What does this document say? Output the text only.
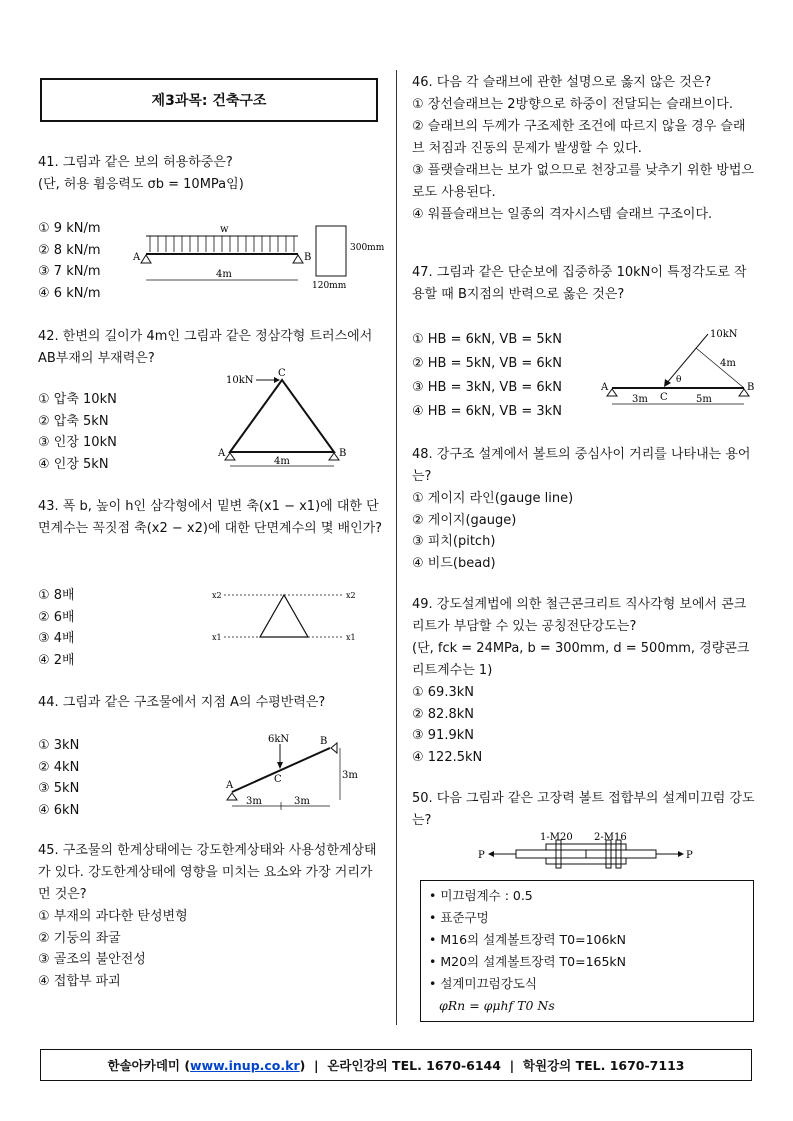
제3과목: 건축구조
41. 그림과 같은 보의 허용하중은?
(단, 허용 휨응력도 σb = 10MPa임)
① 9 kN/m
② 8 kN/m
③ 7 kN/m
④ 6 kN/m
w
A	B
4m
300mm
120mm
42. 한변의 길이가 4m인 그림과 같은 정삼각형 트러스에서 AB부재의 부재력은?
① 압축 10kN
② 압축 5kN
③ 인장 10kN
④ 인장 5kN
10kN
C
A	B
4m
43. 폭 b, 높이 h인 삼각형에서 밑변 축(x1 − x1)에 대한 단면계수는 꼭짓점 축(x2 − x2)에 대한 단면계수의 몇 배인가?
① 8배
② 6배
③ 4배
④ 2배
x2	x2
x1	x1
44. 그림과 같은 구조물에서 지점 A의 수평반력은?
① 3kN
② 4kN
③ 5kN
④ 6kN
6kN
C
A
B
3m
3m	3m
45. 구조물의 한계상태에는 강도한계상태와 사용성한계상태가 있다. 강도한계상태에 영향을 미치는 요소와 가장 거리가 먼 것은?
① 부재의 과다한 탄성변형
② 기둥의 좌굴
③ 골조의 불안전성
④ 접합부 파괴
46. 다음 각 슬래브에 관한 설명으로 옳지 않은 것은?
① 장선슬래브는 2방향으로 하중이 전달되는 슬래브이다.
② 슬래브의 두께가 구조제한 조건에 따르지 않을 경우 슬래브 처짐과 진동의 문제가 발생할 수 있다.
③ 플랫슬래브는 보가 없으므로 천장고를 낮추기 위한 방법으로도 사용된다.
④ 워플슬래브는 일종의 격자시스템 슬래브 구조이다.
47. 그림과 같은 단순보에 집중하중 10kN이 특정각도로 작용할 때 B지점의 반력으로 옳은 것은?
① HB = 6kN, VB = 5kN
② HB = 5kN, VB = 6kN
③ HB = 3kN, VB = 6kN
④ HB = 6kN, VB = 3kN
10kN
4m
θ
A	B
C
3m	5m
48. 강구조 설계에서 볼트의 중심사이 거리를 나타내는 용어는?
① 게이지 라인(gauge line)
② 게이지(gauge)
③ 피치(pitch)
④ 비드(bead)
49. 강도설계법에 의한 철근콘크리트 직사각형 보에서 콘크리트가 부담할 수 있는 공칭전단강도는?
(단, fck = 24MPa, b = 300mm, d = 500mm, 경량콘크리트계수는 1)
① 69.3kN
② 82.8kN
③ 91.9kN
④ 122.5kN
50. 다음 그림과 같은 고장력 볼트 접합부의 설계미끄럼 강도는?
1-M20 2-M16
P	P
• 미끄럼계수 : 0.5
• 표준구멍
• M16의 설계볼트장력 T0=106kN
• M20의 설계볼트장력 T0=165kN
• 설계미끄럼강도식
φRn = φμhf T0 Ns
한솔아카데미 ( www.inup.co.kr )  |  온라인강의 TEL. 1670-6144  |  학원강의 TEL. 1670-7113
